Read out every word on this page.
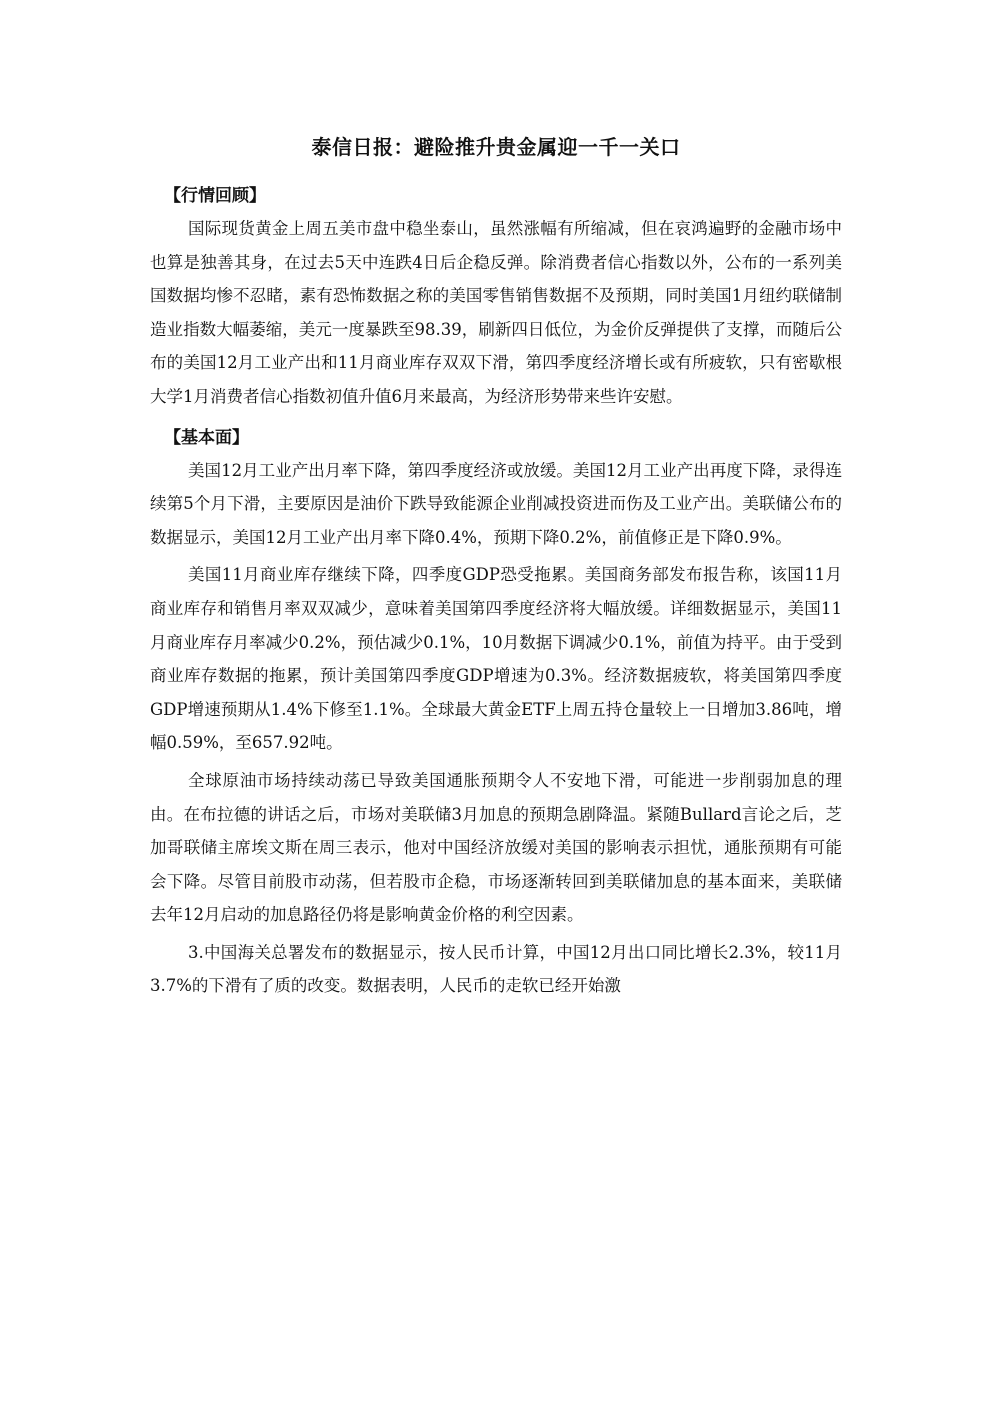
泰信日报：避险推升贵金属迎一千一关口
【行情回顾】

国际现货黄金上周五美市盘中稳坐泰山，虽然涨幅有所缩减，但在哀鸿遍野的金融市场中也算是独善其身，在过去5天中连跌4日后企稳反弹。除消费者信心指数以外，公布的一系列美国数据均惨不忍睹，素有恐怖数据之称的美国零售销售数据不及预期，同时美国1月纽约联储制造业指数大幅萎缩，美元一度暴跌至98.39，刷新四日低位，为金价反弹提供了支撑，而随后公布的美国12月工业产出和11月商业库存双双下滑，第四季度经济增长或有所疲软，只有密歇根大学1月消费者信心指数初值升值6月来最高，为经济形势带来些许安慰。

【基本面】

美国12月工业产出月率下降，第四季度经济或放缓。美国12月工业产出再度下降，录得连续第5个月下滑，主要原因是油价下跌导致能源企业削减投资进而伤及工业产出。美联储公布的数据显示，美国12月工业产出月率下降0.4%，预期下降0.2%，前值修正是下降0.9%。

美国11月商业库存继续下降，四季度GDP恐受拖累。美国商务部发布报告称，该国11月商业库存和销售月率双双减少，意味着美国第四季度经济将大幅放缓。详细数据显示，美国11月商业库存月率减少0.2%，预估减少0.1%，10月数据下调减少0.1%，前值为持平。由于受到商业库存数据的拖累，预计美国第四季度GDP增速为0.3%。经济数据疲软，将美国第四季度GDP增速预期从1.4%下修至1.1%。全球最大黄金ETF上周五持仓量较上一日增加3.86吨，增幅0.59%，至657.92吨。

全球原油市场持续动荡已导致美国通胀预期令人不安地下滑，可能进一步削弱加息的理由。在布拉德的讲话之后，市场对美联储3月加息的预期急剧降温。紧随Bullard言论之后，芝加哥联储主席埃文斯在周三表示，他对中国经济放缓对美国的影响表示担忧，通胀预期有可能会下降。尽管目前股市动荡，但若股市企稳，市场逐渐转回到美联储加息的基本面来，美联储去年12月启动的加息路径仍将是影响黄金价格的利空因素。

3.中国海关总署发布的数据显示，按人民币计算，中国12月出口同比增长2.3%，较11月3.7%的下滑有了质的改变。数据表明，人民币的走软已经开始激
